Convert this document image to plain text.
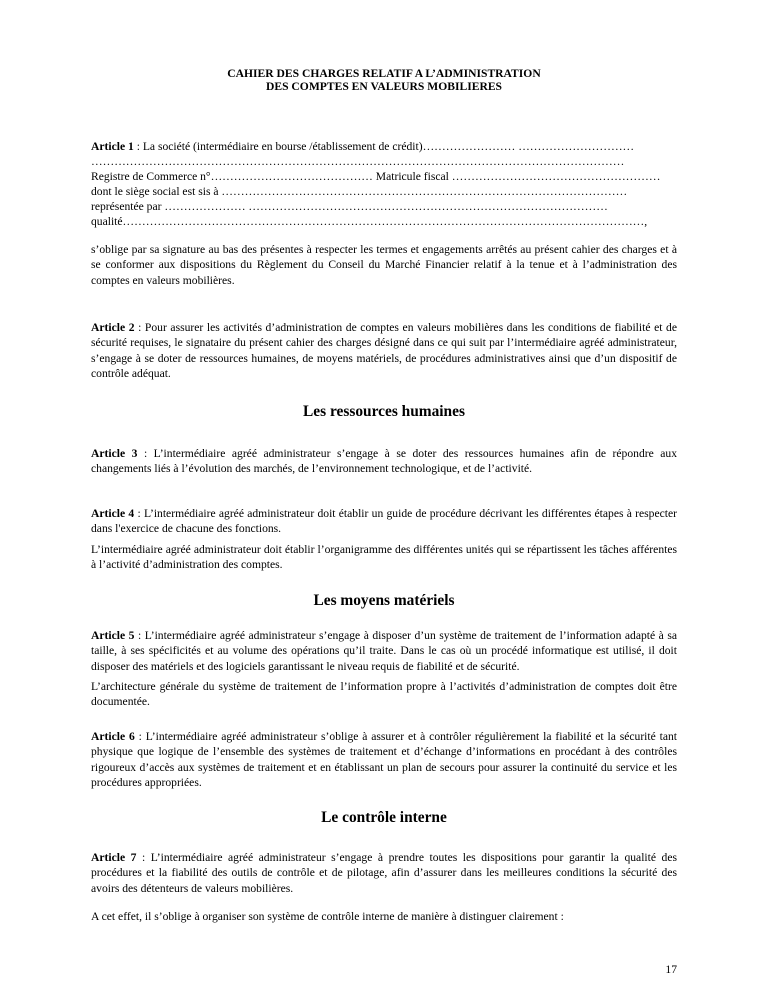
CAHIER DES CHARGES RELATIF A L’ADMINISTRATION

DES COMPTES EN VALEURS MOBILIERES

Article 1 : La société (intermédiaire en bourse /établissement de crédit)…………………… …………………………

…………………………………………………………………………………………………………………………

Registre de Commerce n°…………………………………… Matricule fiscal ………………………………………………

dont le siège social est sis à ……………………………………………………………………………………………

représentée par ………………… …………………………………………………………………………………

qualité………………………………………………………………………………………………………………………,

s’oblige par sa signature au bas des présentes à respecter les termes et engagements arrêtés au présent cahier des charges et à se conformer aux dispositions du Règlement du Conseil du Marché Financier relatif à la tenue et à l’administration des comptes en valeurs mobilières.

Article 2 : Pour assurer les activités d’administration de comptes en valeurs mobilières dans les conditions de fiabilité et de sécurité requises, le signataire du présent cahier des charges désigné dans ce qui suit par l’intermédiaire agréé administrateur, s’engage à se doter de ressources humaines, de moyens matériels, de procédures administratives ainsi que d’un dispositif de contrôle adéquat.

Les ressources humaines

Article 3 : L’intermédiaire agréé administrateur s’engage à se doter des ressources humaines afin de répondre aux changements liés à l’évolution des marchés, de l’environnement technologique, et de l’activité.

Article 4 : L’intermédiaire agréé administrateur doit établir un guide de procédure décrivant les différentes étapes à respecter dans l'exercice de chacune des fonctions.

L’intermédiaire agréé administrateur doit établir l’organigramme des différentes unités qui se répartissent les tâches afférentes à l’activité d’administration des comptes.

Les moyens matériels

Article 5 : L’intermédiaire agréé administrateur s’engage à disposer d’un système de traitement de l’information adapté à sa taille, à ses spécificités et au volume des opérations qu’il traite. Dans le cas où un procédé informatique est utilisé, il doit disposer des matériels et des logiciels garantissant le niveau requis de fiabilité et de sécurité.

L’architecture générale du système de traitement de l’information propre à l’activités d’administration de comptes doit être documentée.

Article 6 : L’intermédiaire agréé administrateur s’oblige à assurer et à contrôler régulièrement la fiabilité et la sécurité tant physique que logique de l’ensemble des systèmes de traitement et d’échange d’informations en procédant à des contrôles rigoureux d’accès aux systèmes de traitement et en établissant un plan de secours pour assurer la continuité du service et les procédures appropriées.

Le contrôle interne

Article 7 : L’intermédiaire agréé administrateur s’engage à prendre toutes les dispositions pour garantir la qualité des procédures et la fiabilité des outils de contrôle et de pilotage, afin d’assurer dans les meilleures conditions la sécurité des avoirs des détenteurs de valeurs mobilières.

A cet effet, il s’oblige à organiser son système de contrôle interne de manière à distinguer clairement :

17
